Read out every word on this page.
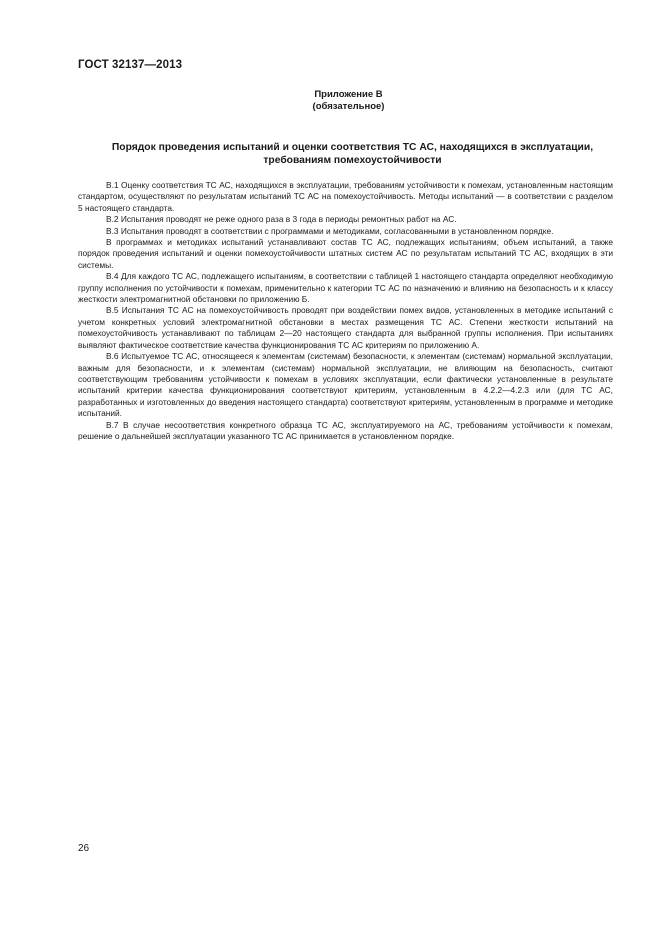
ГОСТ 32137—2013
Приложение В
(обязательное)
Порядок проведения испытаний и оценки соответствия ТС АС, находящихся в эксплуатации,
требованиям помехоустойчивости

В.1 Оценку соответствия ТС АС, находящихся в эксплуатации, требованиям устойчивости к помехам, установленным настоящим стандартом, осуществляют по результатам испытаний ТС АС на помехоустойчивость. Методы испытаний — в соответствии с разделом 5 настоящего стандарта.

В.2 Испытания проводят не реже одного раза в 3 года в периоды ремонтных работ на АС.

В.3 Испытания проводят в соответствии с программами и методиками, согласованными в установленном порядке.

В программах и методиках испытаний устанавливают состав ТС АС, подлежащих испытаниям, объем испытаний, а также порядок проведения испытаний и оценки помехоустойчивости штатных систем АС по результатам испытаний ТС АС, входящих в эти системы.

В.4 Для каждого ТС АС, подлежащего испытаниям, в соответствии с таблицей 1 настоящего стандарта определяют необходимую группу исполнения по устойчивости к помехам, применительно к категории ТС АС по назначению и влиянию на безопасность и к классу жесткости электромагнитной обстановки по приложению Б.

В.5 Испытания ТС АС на помехоустойчивость проводят при воздействии помех видов, установленных в методике испытаний с учетом конкретных условий электромагнитной обстановки в местах размещения ТС АС. Степени жесткости испытаний на помехоустойчивость устанавливают по таблицам 2—20 настоящего стандарта для выбранной группы исполнения. При испытаниях выявляют фактическое соответствие качества функционирования ТС АС критериям по приложению А.

В.6 Испытуемое ТС АС, относящееся к элементам (системам) безопасности, к элементам (системам) нормальной эксплуатации, важным для безопасности, и к элементам (системам) нормальной эксплуатации, не влияющим на безопасность, считают соответствующим требованиям устойчивости к помехам в условиях эксплуатации, если фактически установленные в результате испытаний критерии качества функционирования соответствуют критериям, установленным в 4.2.2—4.2.3 или (для ТС АС, разработанных и изготовленных до введения настоящего стандарта) соответствуют критериям, установленным в программе и методике испытаний.

В.7 В случае несоответствия конкретного образца ТС АС, эксплуатируемого на АС, требованиям устойчивости к помехам, решение о дальнейшей эксплуатации указанного ТС АС принимается в установленном порядке.

26
